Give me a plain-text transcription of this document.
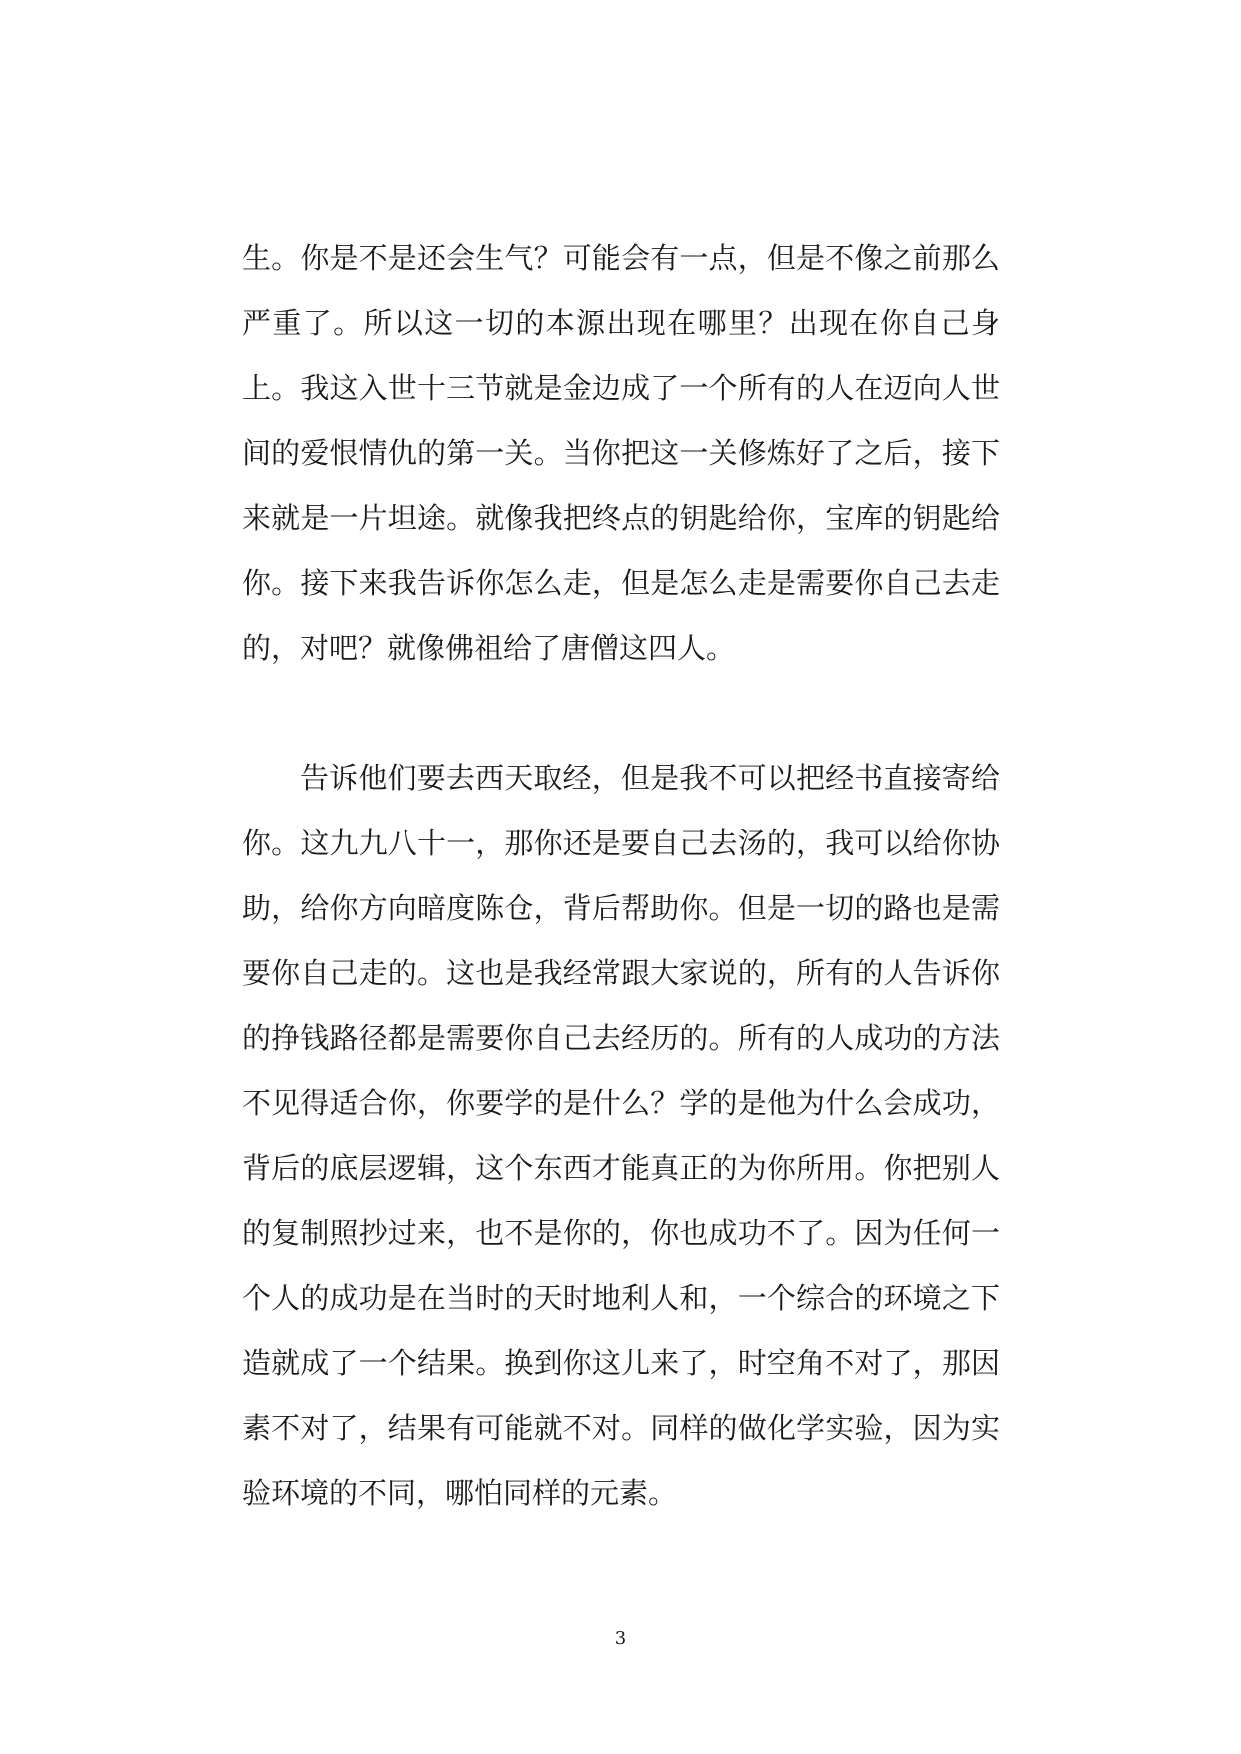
生。你是不是还会生气？可能会有一点，但是不像之前那么
严重了。所以这一切的本源出现在哪里？出现在你自己身
上。我这入世十三节就是金边成了一个所有的人在迈向人世
间的爱恨情仇的第一关。当你把这一关修炼好了之后，接下
来就是一片坦途。就像我把终点的钥匙给你，宝库的钥匙给
你。接下来我告诉你怎么走，但是怎么走是需要你自己去走
的，对吧？就像佛祖给了唐僧这四人。
告诉他们要去西天取经，但是我不可以把经书直接寄给
你。这九九八十一，那你还是要自己去汤的，我可以给你协
助，给你方向暗度陈仓，背后帮助你。但是一切的路也是需
要你自己走的。这也是我经常跟大家说的，所有的人告诉你
的挣钱路径都是需要你自己去经历的。所有的人成功的方法
不见得适合你，你要学的是什么？学的是他为什么会成功，
背后的底层逻辑，这个东西才能真正的为你所用。你把别人
的复制照抄过来，也不是你的，你也成功不了。因为任何一
个人的成功是在当时的天时地利人和，一个综合的环境之下
造就成了一个结果。换到你这儿来了，时空角不对了，那因
素不对了，结果有可能就不对。同样的做化学实验，因为实
验环境的不同，哪怕同样的元素。
3
